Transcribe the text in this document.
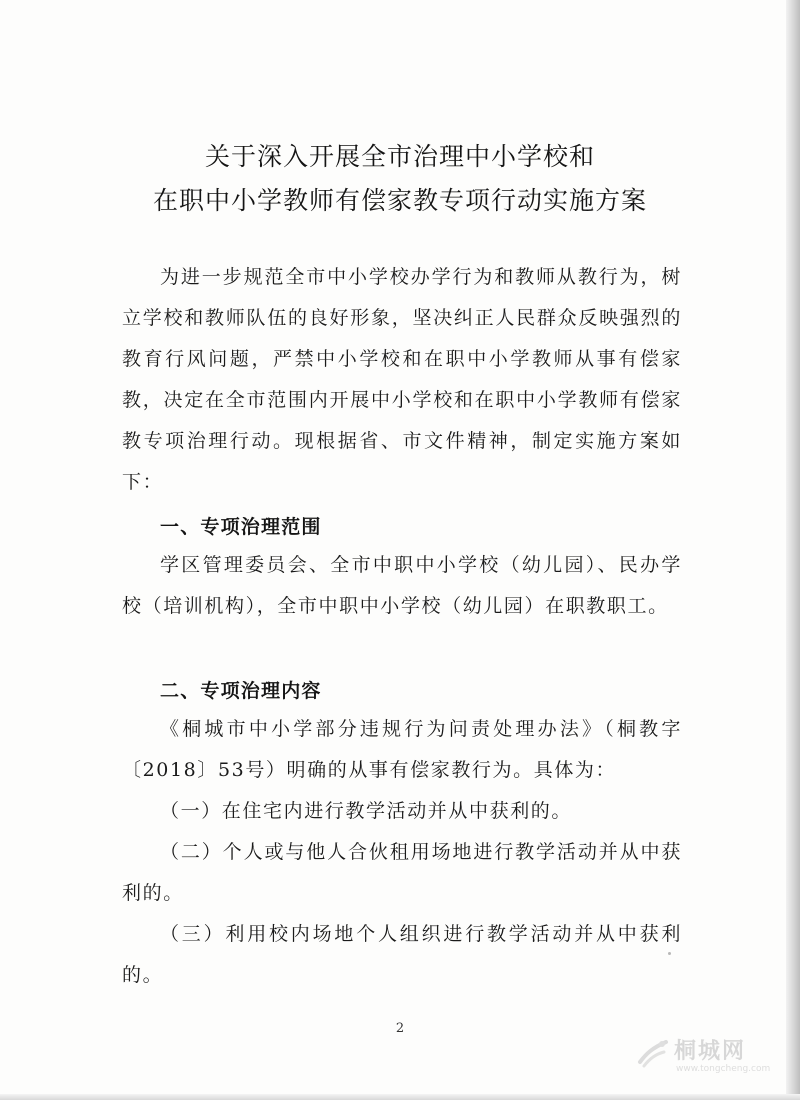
关于深入开展全市治理中小学校和
在职中小学教师有偿家教专项行动实施方案

为进一步规范全市中小学校办学行为和教师从教行为，树立学校和教师队伍的良好形象，坚决纠正人民群众反映强烈的教育行风问题，严禁中小学校和在职中小学教师从事有偿家教，决定在全市范围内开展中小学校和在职中小学教师有偿家教专项治理行动。现根据省、市文件精神，制定实施方案如下：

一、专项治理范围

学区管理委员会、全市中职中小学校（幼儿园）、民办学校（培训机构），全市中职中小学校（幼儿园）在职教职工。

二、专项治理内容

《桐城市中小学部分违规行为问责处理办法》（桐教字〔2018〕53号）明确的从事有偿家教行为。具体为：

（一）在住宅内进行教学活动并从中获利的。

（二）个人或与他人合伙租用场地进行教学活动并从中获利的。

（三）利用校内场地个人组织进行教学活动并从中获利的。

2
桐城网
www.tongcheng.com
